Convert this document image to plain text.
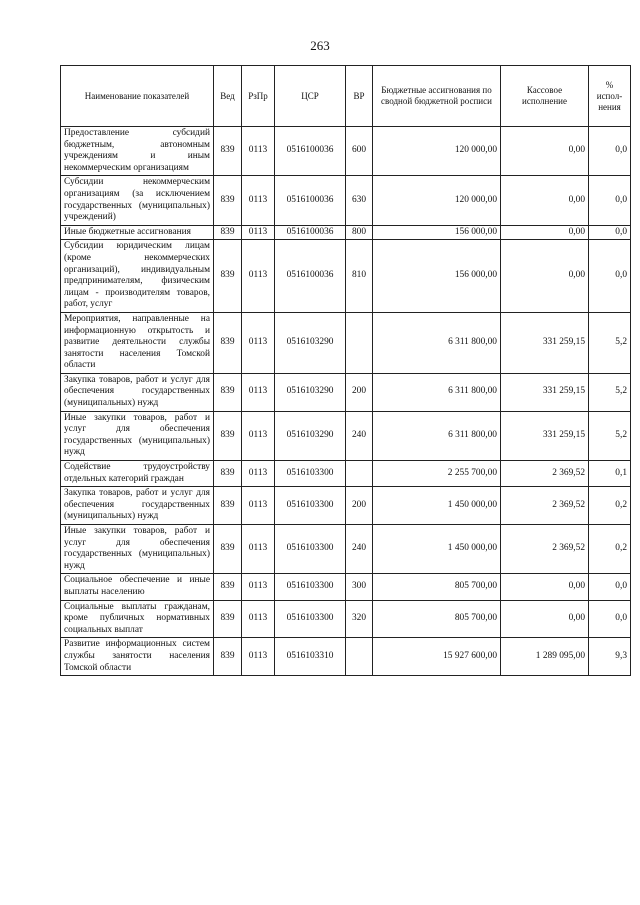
263
Наименование показателей	Вед	РзПр	ЦСР	ВР	Бюджетные ассигнования по сводной бюджетной росписи	Кассовое исполнение	% испол-нения
Предоставление субсидий бюджетным, автономным учреждениям и иным некоммерческим организациям	839	0113	0516100036	600	120 000,00	0,00	0,0
Субсидии некоммерческим организациям (за исключением государственных (муниципальных) учреждений)	839	0113	0516100036	630	120 000,00	0,00	0,0
Иные бюджетные ассигнования	839	0113	0516100036	800	156 000,00	0,00	0,0
Субсидии юридическим лицам (кроме некоммерческих организаций), индивидуальным предпринимателям, физическим лицам - производителям товаров, работ, услуг	839	0113	0516100036	810	156 000,00	0,00	0,0
Мероприятия, направленные на информационную открытость и развитие деятельности службы занятости населения Томской области	839	0113	0516103290		6 311 800,00	331 259,15	5,2
Закупка товаров, работ и услуг для обеспечения государственных (муниципальных) нужд	839	0113	0516103290	200	6 311 800,00	331 259,15	5,2
Иные закупки товаров, работ и услуг для обеспечения государственных (муниципальных) нужд	839	0113	0516103290	240	6 311 800,00	331 259,15	5,2
Содействие трудоустройству отдельных категорий граждан	839	0113	0516103300		2 255 700,00	2 369,52	0,1
Закупка товаров, работ и услуг для обеспечения государственных (муниципальных) нужд	839	0113	0516103300	200	1 450 000,00	2 369,52	0,2
Иные закупки товаров, работ и услуг для обеспечения государственных (муниципальных) нужд	839	0113	0516103300	240	1 450 000,00	2 369,52	0,2
Социальное обеспечение и иные выплаты населению	839	0113	0516103300	300	805 700,00	0,00	0,0
Социальные выплаты гражданам, кроме публичных нормативных социальных выплат	839	0113	0516103300	320	805 700,00	0,00	0,0
Развитие информационных систем службы занятости населения Томской области	839	0113	0516103310		15 927 600,00	1 289 095,00	9,3
